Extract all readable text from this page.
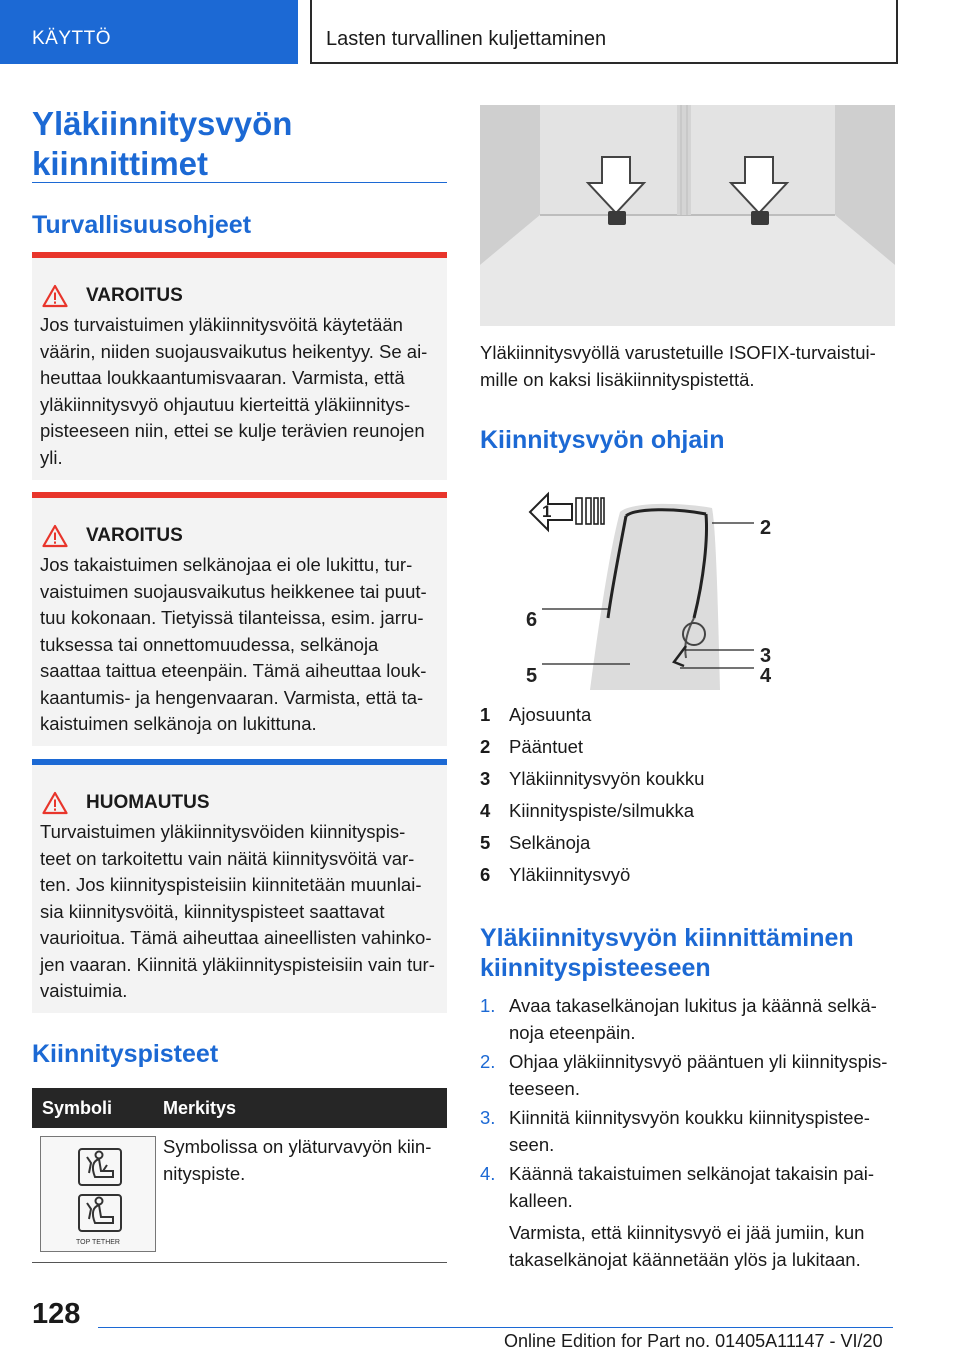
KÄYTTÖ	Lasten turvallinen kuljettaminen
Yläkiinnitysvyön kiinnittimet
Turvallisuusohjeet
VAROITUS
Jos turvaistuimen yläkiinnitysvöitä käytetään
väärin, niiden suojausvaikutus heikentyy. Se ai-
heuttaa loukkaantumisvaaran. Varmista, että
yläkiinnitysvyö ohjautuu kierteittä yläkiinnitys-
pisteeseen niin, ettei se kulje terävien reunojen
yli.
VAROITUS
Jos takaistuimen selkänojaa ei ole lukittu, tur-
vaistuimen suojausvaikutus heikkenee tai puut-
tuu kokonaan. Tietyissä tilanteissa, esim. jarru-
tuksessa tai onnettomuudessa, selkänoja
saattaa taittua eteenpäin. Tämä aiheuttaa louk-
kaantumis- ja hengenvaaran. Varmista, että ta-
kaistuimen selkänoja on lukittuna.
HUOMAUTUS
Turvaistuimen yläkiinnitysvöiden kiinnityspis-
teet on tarkoitettu vain näitä kiinnitysvöitä var-
ten. Jos kiinnityspisteisiin kiinnitetään muunlai-
sia kiinnitysvöitä, kiinnityspisteet saattavat
vaurioitua. Tämä aiheuttaa aineellisten vahinko-
jen vaaran. Kiinnitä yläkiinnityspisteisiin vain tur-
vaistuimia.
Kiinnityspisteet
Symboli	Merkitys
TOP TETHER
Symbolissa on yläturvavyön kiin-
nityspiste.
Yläkiinnitysvyöllä varustetuille ISOFIX-turvaistui-
mille on kaksi lisäkiinnityspistettä.
Kiinnitysvyön ohjain
1
2
6
5
3
4
1 Ajosuunta
2 Pääntuet
3 Yläkiinnitysvyön koukku
4 Kiinnityspiste/silmukka
5 Selkänoja
6 Yläkiinnitysvyö
Yläkiinnitysvyön kiinnittäminen
kiinnityspisteeseen
1. Avaa takaselkänojan lukitus ja käännä selkä-
noja eteenpäin.
2. Ohjaa yläkiinnitysvyö pääntuen yli kiinnityspis-
teeseen.
3. Kiinnitä kiinnitysvyön koukku kiinnityspistee-
seen.
4. Käännä takaistuimen selkänojat takaisin pai-
kalleen.
Varmista, että kiinnitysvyö ei jää jumiin, kun
takaselkänojat käännetään ylös ja lukitaan.
128
Online Edition for Part no. 01405A11147 - VI/20
